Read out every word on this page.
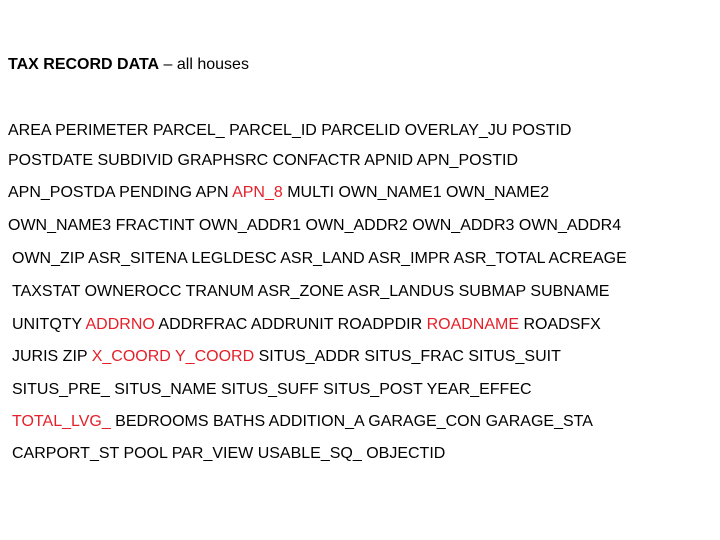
TAX RECORD DATA – all houses
AREA PERIMETER PARCEL_ PARCEL_ID PARCELID OVERLAY_JU POSTID
POSTDATE SUBDIVID GRAPHSRC CONFACTR APNID APN_POSTID
APN_POSTDA PENDING APN APN_8 MULTI OWN_NAME1 OWN_NAME2
OWN_NAME3 FRACTINT OWN_ADDR1 OWN_ADDR2 OWN_ADDR3 OWN_ADDR4
OWN_ZIP ASR_SITENA LEGLDESC ASR_LAND ASR_IMPR ASR_TOTAL ACREAGE
TAXSTAT OWNEROCC TRANUM ASR_ZONE ASR_LANDUS SUBMAP SUBNAME
UNITQTY ADDRNO ADDRFRAC ADDRUNIT ROADPDIR ROADNAME ROADSFX
JURIS ZIP X_COORD Y_COORD SITUS_ADDR SITUS_FRAC SITUS_SUIT
SITUS_PRE_ SITUS_NAME SITUS_SUFF SITUS_POST YEAR_EFFEC
TOTAL_LVG_ BEDROOMS BATHS ADDITION_A GARAGE_CON GARAGE_STA
CARPORT_ST POOL PAR_VIEW USABLE_SQ_ OBJECTID
